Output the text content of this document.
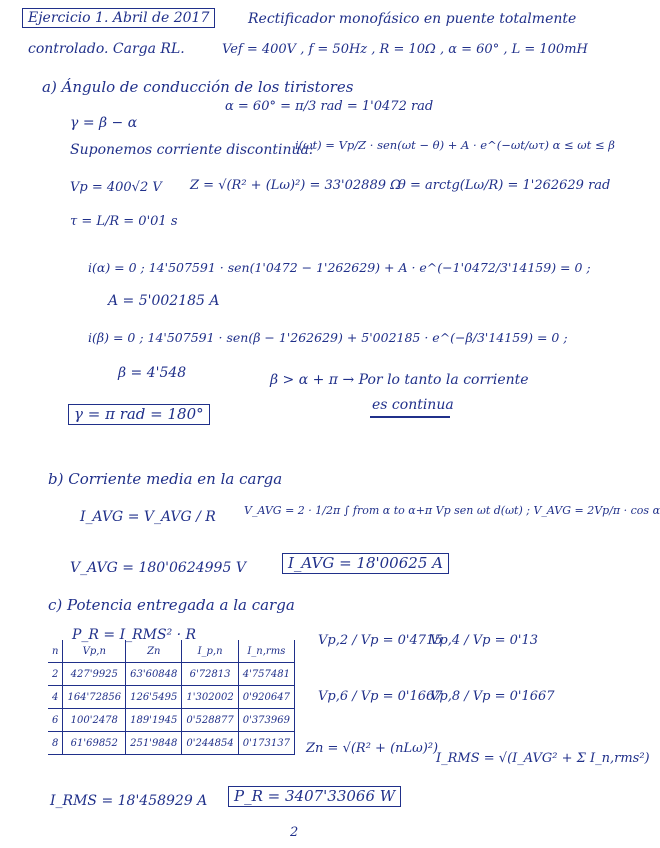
Ejercicio 1. Abril de 2017	Rectificador monofásico en puente totalmente
controlado. Carga RL.	Vef = 400V , f = 50Hz , R = 10Ω , α = 60° , L = 100mH
a) Ángulo de conducción de los tiristores
γ = β − α
α = 60° = π/3 rad = 1'0472 rad
Suponemos corriente discontinua:
i(ωt) = Vp/Z · sen(ωt − θ) + A · e^(−ωt/ωτ) α ≤ ωt ≤ β
Vp = 400√2 V Z = √(R² + (Lω)²) = 33'02889 Ω
θ = arctg(Lω/R) = 1'262629 rad
τ = L/R = 0'01 s
i(α) = 0 ; 14'507591 · sen(1'0472 − 1'262629) + A · e^(−1'0472/3'14159) = 0 ;
A = 5'002185 A
i(β) = 0 ; 14'507591 · sen(β − 1'262629) + 5'002185 · e^(−β/3'14159) = 0 ;
β = 4'548	β > α + π → Por lo tanto la corriente
es continua
γ = π rad = 180°
b) Corriente media en la carga
I_AVG = V_AVG / R	V_AVG = 2 · 1/2π ∫ from α to α+π Vp sen ωt d(ωt) ; V_AVG = 2Vp/π · cos α
V_AVG = 180'0624995 V	I_AVG = 18'00625 A
c) Potencia entregada a la carga
P_R = I_RMS² · R	Vp,2 / Vp = 0'4715
Vp,4 / Vp = 0'13
Vp,6 / Vp = 0'1667
Vp,8 / Vp = 0'1667
Zn = √(R² + (nLω)²)
I_RMS = √(I_AVG² + Σ I_n,rms²)
n	Vp,n	Zn	I_p,n	I_n,rms
2	427'9925	63'60848	6'72813	4'757481
4	164'72856	126'5495	1'302002	0'920647
6	100'2478	189'1945	0'528877	0'373969
8	61'69852	251'9848	0'244854	0'173137
I_RMS = 18'458929 A	P_R = 3407'33066 W
2
